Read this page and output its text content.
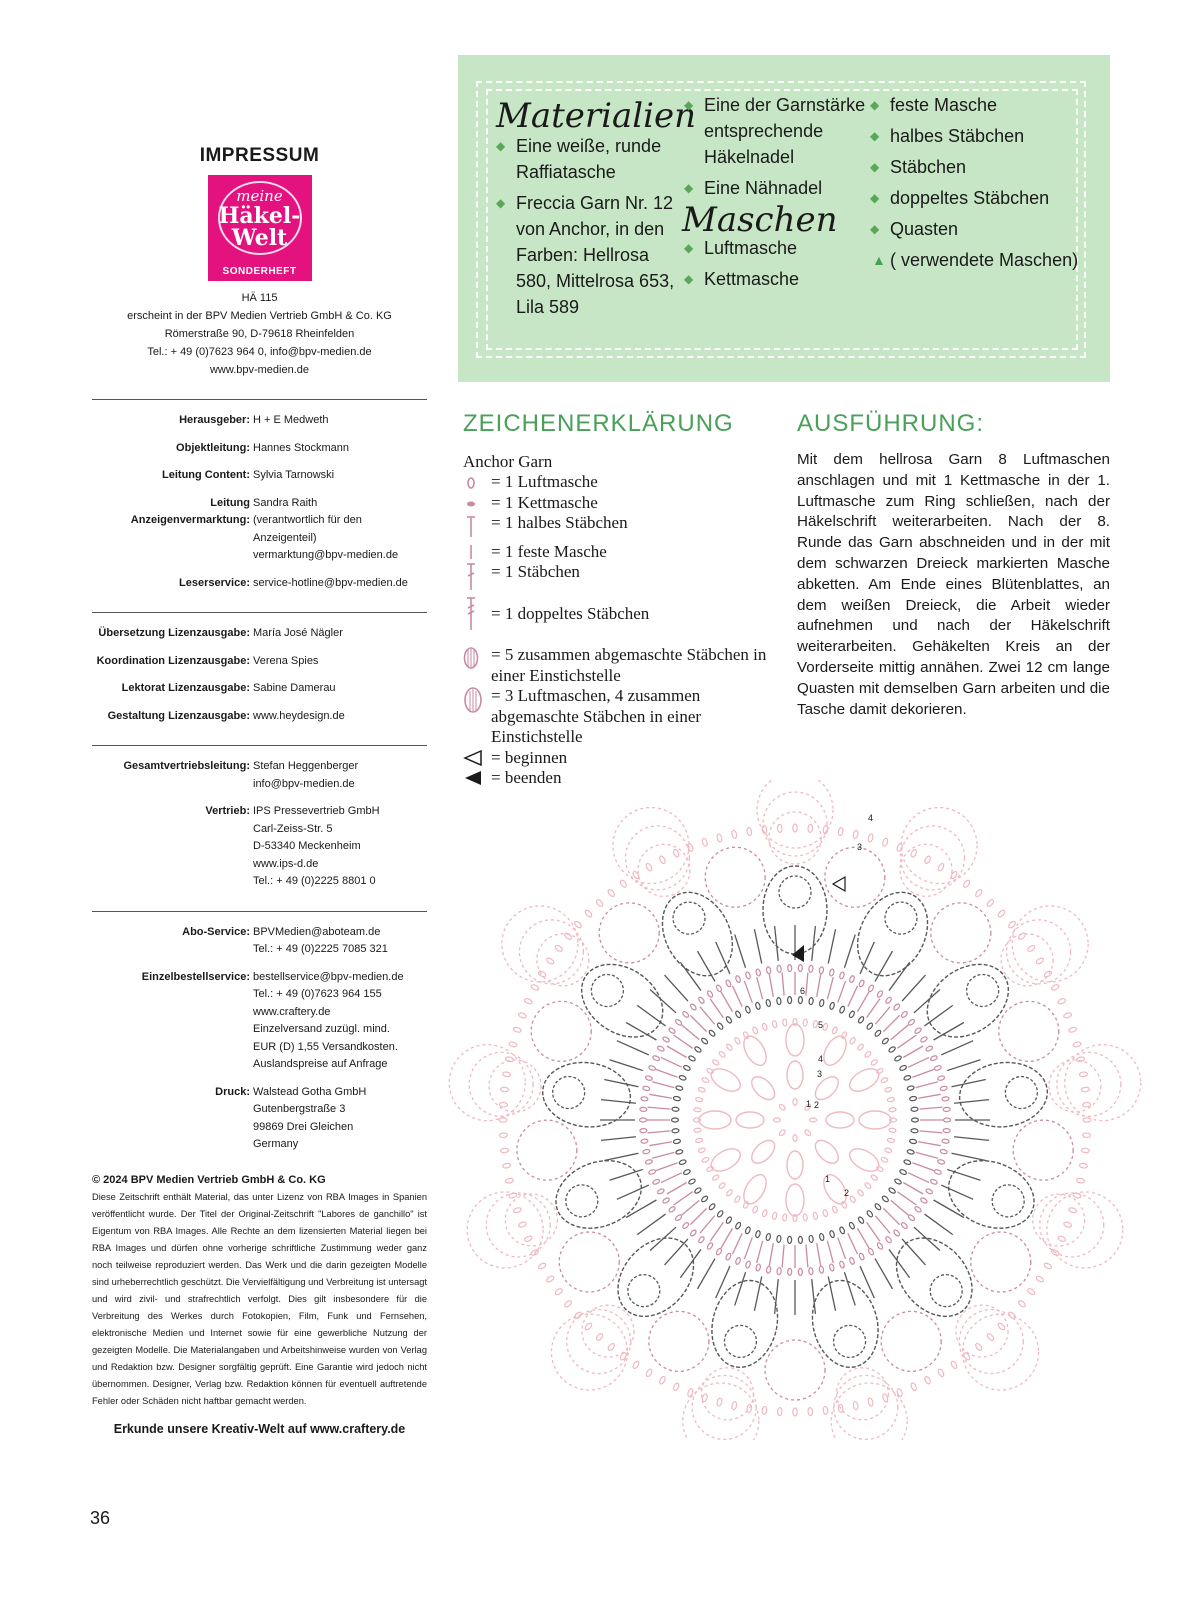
IMPRESSUM
meine
Häkel-
Welt
SONDERHEFT
HÄ 115
erscheint in der BPV Medien Vertrieb GmbH & Co. KG
Römerstraße 90, D-79618 Rheinfelden
Tel.: + 49 (0)7623 964 0, info@bpv-medien.de
www.bpv-medien.de
Herausgeber: H + E Medweth
Objektleitung: Hannes Stockmann
Leitung Content: Sylvia Tarnowski
Leitung Anzeigenvermarktung:
Sandra Raith
(verantwortlich für den
Anzeigenteil)
vermarktung@bpv-medien.de
Leserservice: service-hotline@bpv-medien.de
Übersetzung Lizenzausgabe: María José Nägler
Koordination Lizenzausgabe: Verena Spies
Lektorat Lizenzausgabe: Sabine Damerau
Gestaltung Lizenzausgabe: www.heydesign.de
Gesamtvertriebsleitung: Stefan Heggenberger
info@bpv-medien.de
Vertrieb: IPS Pressevertrieb GmbH
Carl-Zeiss-Str. 5
D-53340 Meckenheim
www.ips-d.de
Tel.: + 49 (0)2225 8801 0
Abo-Service: BPVMedien@aboteam.de
Tel.: + 49 (0)2225 7085 321
Einzelbestellservice: bestellservice@bpv-medien.de
Tel.: + 49 (0)7623 964 155
www.craftery.de
Einzelversand zuzügl. mind.
EUR (D) 1,55 Versandkosten.
Auslandspreise auf Anfrage
Druck: Walstead Gotha GmbH
Gutenbergstraße 3
99869 Drei Gleichen
Germany
© 2024 BPV Medien Vertrieb GmbH & Co. KG
Diese Zeitschrift enthält Material, das unter Lizenz von RBA Images in Spanien veröffentlicht wurde. Der Titel der Original-Zeitschrift "Labores de ganchillo" ist Eigentum von RBA Images. Alle Rechte an dem lizensierten Material liegen bei RBA Images und dürfen ohne vorherige schriftliche Zustimmung weder ganz noch teilweise reproduziert werden. Das Werk und die darin gezeigten Modelle sind urheberrechtlich geschützt. Die Vervielfältigung und Verbreitung ist untersagt und wird zivil- und strafrechtlich verfolgt. Dies gilt insbesondere für die Verbreitung des Werkes durch Fotokopien, Film, Funk und Fernsehen, elektronische Medien und Internet sowie für eine gewerbliche Nutzung der gezeigten Modelle. Die Materialangaben und Arbeitshinweise wurden von Verlag und Redaktion bzw. Designer sorgfältig geprüft. Eine Garantie wird jedoch nicht übernommen. Designer, Verlag bzw. Redaktion können für eventuell auftretende Fehler oder Schäden nicht haftbar gemacht werden.
Erkunde unsere Kreativ-Welt auf www.craftery.de
36
Materialien
◆ Eine weiße, runde Raffiatasche
◆ Freccia Garn Nr. 12 von Anchor, in den Farben: Hellrosa 580, Mittelrosa 653, Lila 589
◆ Eine der Garnstärke entsprechende Häkelnadel
◆ Eine Nähnadel
Maschen
◆ Luftmasche
◆ Kettmasche
◆ feste Masche
◆ halbes Stäbchen
◆ Stäbchen
◆ doppeltes Stäbchen
◆ Quasten
▲ ( verwendete Maschen)
ZEICHENERKLÄRUNG
Anchor Garn
= 1 Luftmasche
= 1 Kettmasche
= 1 halbes Stäbchen
= 1 feste Masche
= 1 Stäbchen
= 1 doppeltes Stäbchen
= 5 zusammen abgemaschte Stäbchen in einer Einstichstelle
= 3 Luftmaschen, 4 zusammen abgemaschte Stäbchen in einer Einstichstelle
= beginnen
= beenden
AUSFÜHRUNG:
Mit dem hellrosa Garn 8 Luftmaschen anschlagen und mit 1 Kettmasche in der 1. Luftmasche zum Ring schließen, nach der Häkelschrift weiterarbeiten. Nach der 8. Runde das Garn abschneiden und in der mit dem schwarzen Dreieck markierten Masche abketten. Am Ende eines Blütenblattes, an dem weißen Dreieck, die Arbeit wieder aufnehmen und nach der Häkelschrift weiterarbeiten. Gehäkelten Kreis an der Vorderseite mittig annähen. Zwei 12 cm lange Quasten mit demselben Garn arbeiten und die Tasche damit dekorieren.
1 2
3
4
5
6
1
2
3
4
